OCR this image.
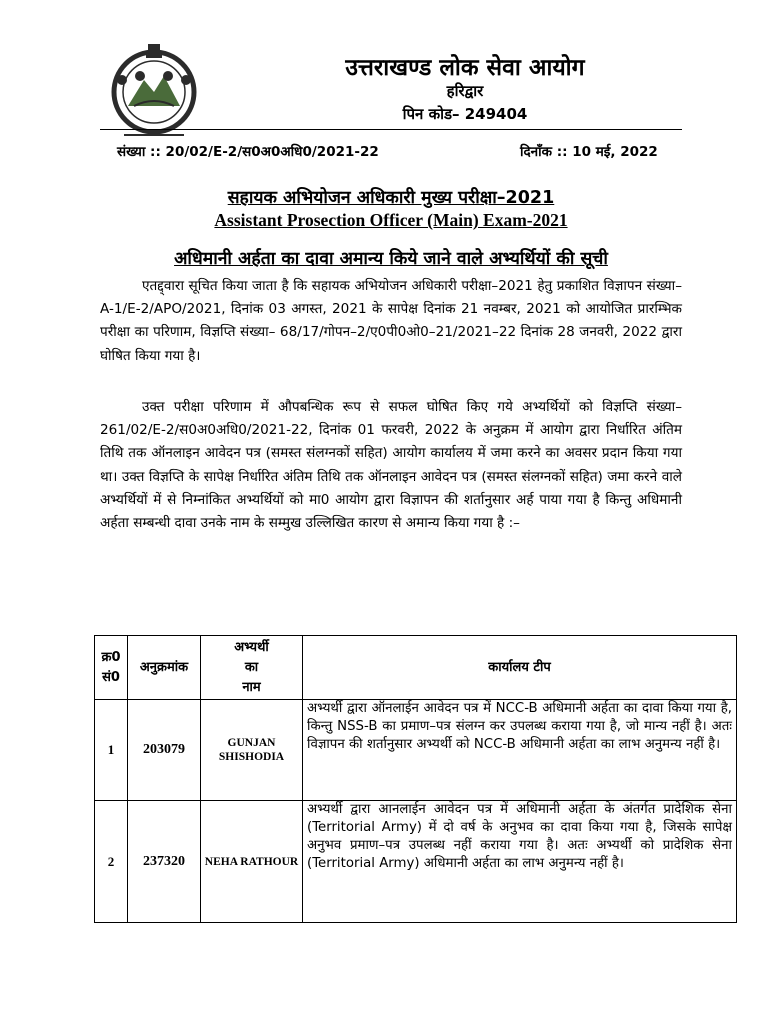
उत्तराखण्ड लोक सेवा आयोग
हरिद्वार
पिन कोड– 249404
संख्या :: 20/02/E-2/स0अ0अधि0/2021-22	दिनाँक :: 10 मई, 2022
सहायक अभियोजन अधिकारी मुख्य परीक्षा–2021
Assistant Prosection Officer (Main) Exam-2021
अधिमानी अर्हता का दावा अमान्य किये जाने वाले अभ्यर्थियों की सूची
एतद्द्वारा सूचित किया जाता है कि सहायक अभियोजन अधिकारी परीक्षा–2021 हेतु प्रकाशित विज्ञापन संख्या– A-1/E-2/APO/2021, दिनांक 03 अगस्त, 2021 के सापेक्ष दिनांक 21 नवम्बर, 2021 को आयोजित प्रारम्भिक परीक्षा का परिणाम, विज्ञप्ति संख्या– 68/17/गोपन–2/ए0पी0ओ0–21/2021–22 दिनांक 28 जनवरी, 2022 द्वारा घोषित किया गया है।
उक्त परीक्षा परिणाम में औपबन्धिक रूप से सफल घोषित किए गये अभ्यर्थियों को विज्ञप्ति संख्या– 261/02/E-2/स0अ0अधि0/2021-22, दिनांक 01 फरवरी, 2022 के अनुक्रम में आयोग द्वारा निर्धारित अंतिम तिथि तक ऑनलाइन आवेदन पत्र (समस्त संलग्नकों सहित) आयोग कार्यालय में जमा करने का अवसर प्रदान किया गया था। उक्त विज्ञप्ति के सापेक्ष निर्धारित अंतिम तिथि तक ऑनलाइन आवेदन पत्र (समस्त संलग्नकों सहित) जमा करने वाले अभ्यर्थियों में से निम्नांकित अभ्यर्थियों को मा0 आयोग द्वारा विज्ञापन की शर्तानुसार अर्ह पाया गया है किन्तु अधिमानी अर्हता सम्बन्धी दावा उनके नाम के सम्मुख उल्लिखित कारण से अमान्य किया गया है :–
क्र0 सं0	अनुक्रमांक	अभ्यर्थी
का
नाम	कार्यालय टीप
1	203079	GUNJAN SHISHODIA	अभ्यर्थी द्वारा ऑनलाईन आवेदन पत्र में NCC-B अधिमानी अर्हता का दावा किया गया है, किन्तु NSS-B का प्रमाण–पत्र संलग्न कर उपलब्ध कराया गया है, जो मान्य नहीं है। अतः विज्ञापन की शर्तानुसार अभ्यर्थी को NCC-B अधिमानी अर्हता का लाभ अनुमन्य नहीं है।
2	237320	NEHA RATHOUR	अभ्यर्थी द्वारा आनलाईन आवेदन पत्र में अधिमानी अर्हता के अंतर्गत प्रादेशिक सेना (Territorial Army) में दो वर्ष के अनुभव का दावा किया गया है, जिसके सापेक्ष अनुभव प्रमाण–पत्र उपलब्ध नहीं कराया गया है। अतः अभ्यर्थी को प्रादेशिक सेना (Territorial Army) अधिमानी अर्हता का लाभ अनुमन्य नहीं है।
